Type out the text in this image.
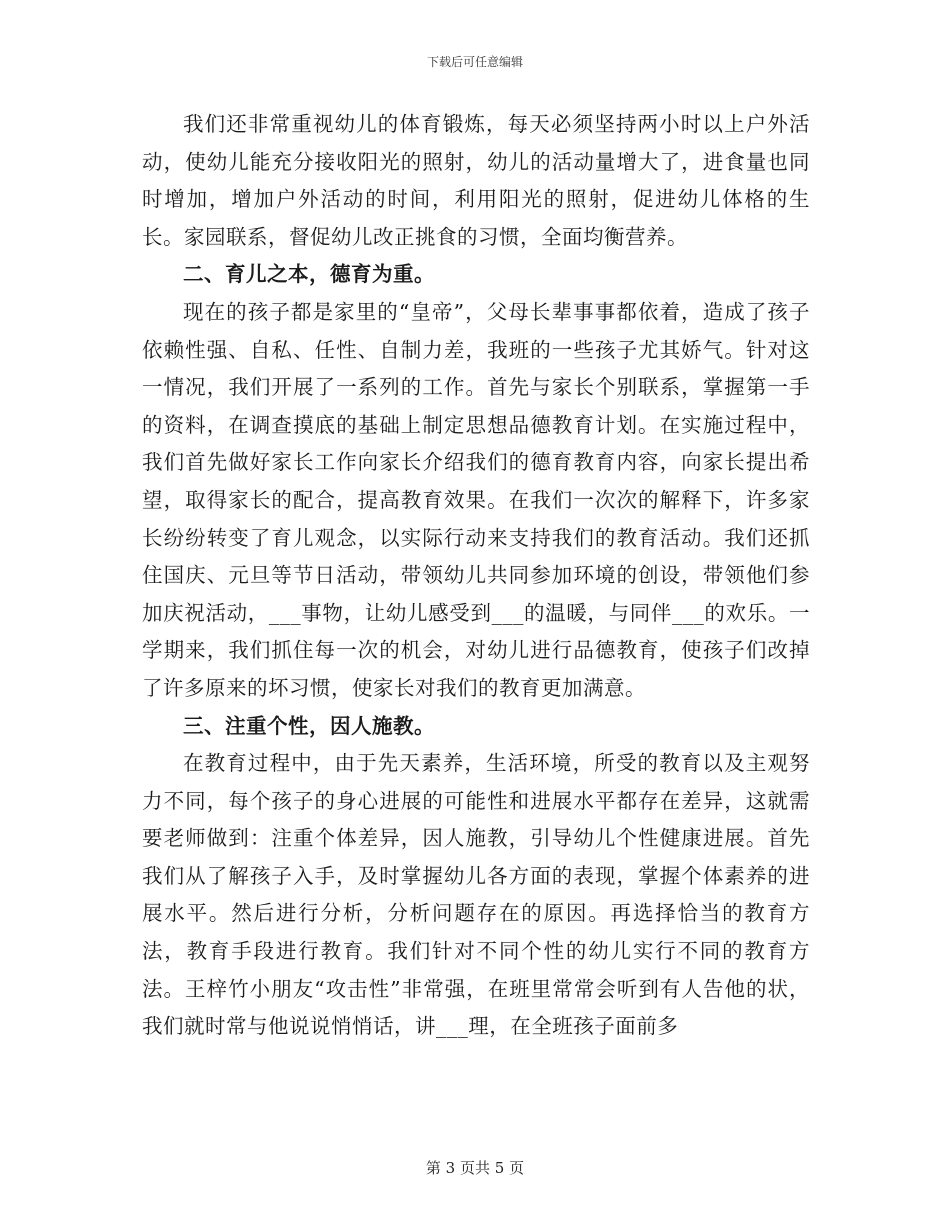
下载后可任意编辑

我们还非常重视幼儿的体育锻炼，每天必须坚持两小时以上户外活动，使幼儿能充分接收阳光的照射，幼儿的活动量增大了，进食量也同时增加，增加户外活动的时间，利用阳光的照射，促进幼儿体格的生长。家园联系，督促幼儿改正挑食的习惯，全面均衡营养。

二、育儿之本，德育为重。

现在的孩子都是家里的“皇帝”，父母长辈事事都依着，造成了孩子依赖性强、自私、任性、自制力差，我班的一些孩子尤其娇气。针对这一情况，我们开展了一系列的工作。首先与家长个别联系，掌握第一手的资料，在调查摸底的基础上制定思想品德教育计划。在实施过程中，我们首先做好家长工作向家长介绍我们的德育教育内容，向家长提出希望，取得家长的配合，提高教育效果。在我们一次次的解释下，许多家长纷纷转变了育儿观念，以实际行动来支持我们的教育活动。我们还抓住国庆、元旦等节日活动，带领幼儿共同参加环境的创设，带领他们参加庆祝活动，___事物，让幼儿感受到___的温暖，与同伴___的欢乐。一学期来，我们抓住每一次的机会，对幼儿进行品德教育，使孩子们改掉了许多原来的坏习惯，使家长对我们的教育更加满意。

三、注重个性，因人施教。

在教育过程中，由于先天素养，生活环境，所受的教育以及主观努力不同，每个孩子的身心进展的可能性和进展水平都存在差异，这就需要老师做到：注重个体差异，因人施教，引导幼儿个性健康进展。首先我们从了解孩子入手，及时掌握幼儿各方面的表现，掌握个体素养的进展水平。然后进行分析，分析问题存在的原因。再选择恰当的教育方法，教育手段进行教育。我们针对不同个性的幼儿实行不同的教育方法。王梓竹小朋友“攻击性”非常强，在班里常常会听到有人告他的状，我们就时常与他说说悄悄话，讲___理，在全班孩子面前多

第 3 页共 5 页
